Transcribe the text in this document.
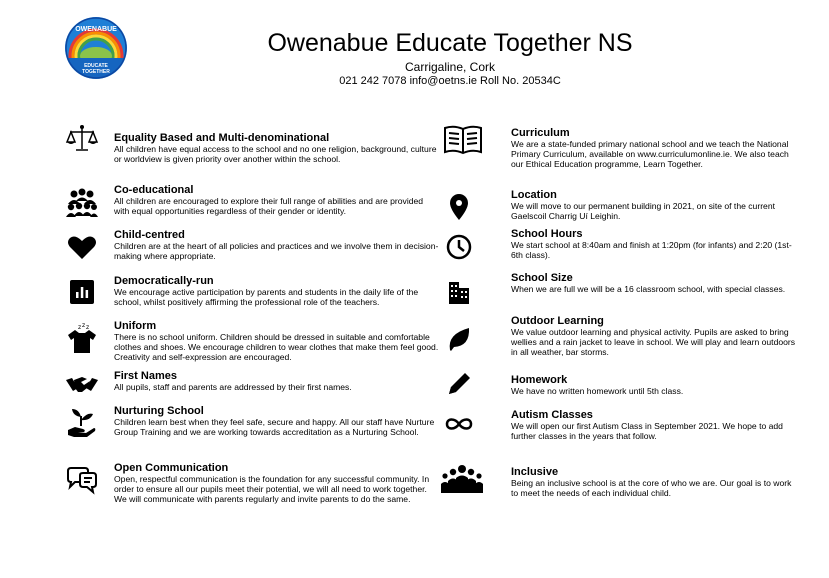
OWENABUE
EDUCATE
TOGETHER
Owenabue Educate Together NS
Carrigaline, Cork
021 242 7078 info@oetns.ie Roll No. 20534C
Equality Based and Multi-denominational
All children have equal access to the school and no one religion, background, culture or worldview is given priority over another within the school.
Co-educational
All children are encouraged to explore their full range of abilities and are provided with equal opportunities regardless of their gender or identity.
Child-centred
Children are at the heart of all policies and practices and we involve them in decision-making where appropriate.
Democratically-run
We encourage active participation by parents and students in the daily life of the school, whilst positively affirming the professional role of the teachers.
z z z Uniform
There is no school uniform. Children should be dressed in suitable and comfortable clothes and shoes. We encourage children to wear clothes that make them feel good. Creativity and self-expression are encouraged.
First Names
All pupils, staff and parents are addressed by their first names.
Nurturing School
Children learn best when they feel safe, secure and happy. All our staff have Nurture Group Training and we are working towards accreditation as a Nurturing School.
Open Communication
Open, respectful communication is the foundation for any successful community. In order to ensure all our pupils meet their potential, we will all need to work together. We will communicate with parents regularly and invite parents to do the same.
Curriculum
We are a state-funded primary national school and we teach the National Primary Curriculum, available on www.curriculumonline.ie. We also teach our Ethical Education programme, Learn Together.
Location
We will move to our permanent building in 2021, on site of the current Gaelscoil Charrig Uí Leighin.
School Hours
We start school at 8:40am and finish at 1:20pm (for infants) and 2:20 (1st-6th class).
School Size
When we are full we will be a 16 classroom school, with special classes.
Outdoor Learning
We value outdoor learning and physical activity. Pupils are asked to bring wellies and a rain jacket to leave in school. We will play and learn outdoors in all weather, bar storms.
Homework
We have no written homework until 5th class.
Autism Classes
We will open our first Autism Class in September 2021. We hope to add further classes in the years that follow.
Inclusive
Being an inclusive school is at the core of who we are. Our goal is to work to meet the needs of each individual child.
